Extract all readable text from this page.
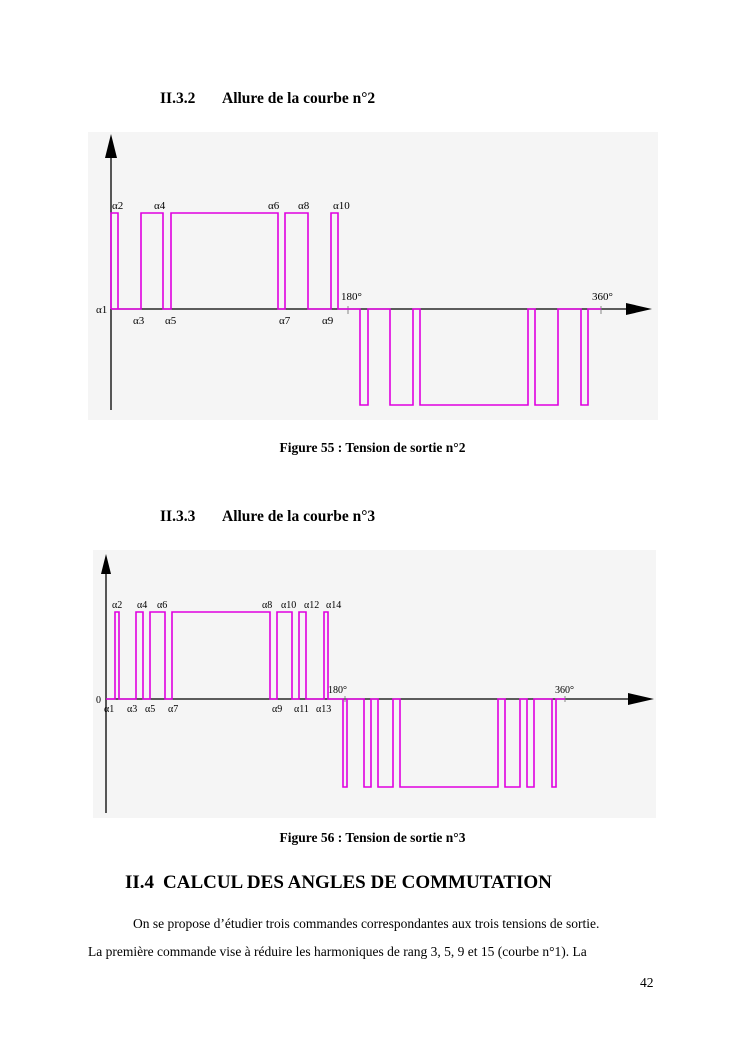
II.3.2 Allure de la courbe n°2
α2	α4	α6 α8 α10
α1
α3 α5	α7	α9
180°	360°
Figure 55 : Tension de sortie n°2
II.3.3 Allure de la courbe n°3
α2 α4 α6	α8 α10 α12 α14
0
α1 α3 α5 α7	α9 α11 α13
180°	360°
Figure 56 : Tension de sortie n°3
II.4 CALCUL DES ANGLES DE COMMUTATION
On se propose d’étudier trois commandes correspondantes aux trois tensions de sortie.
La première commande vise à réduire les harmoniques de rang 3, 5, 9 et 15 (courbe n°1). La
42
